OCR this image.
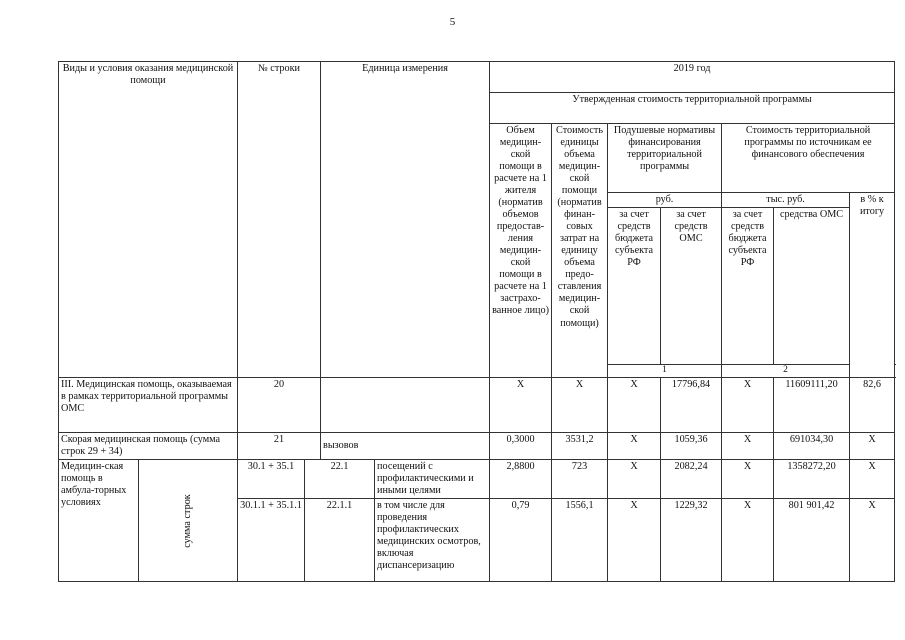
5
Виды и условия оказания медицинской помощи		№ строки		Единица измерения		2019 год							
						Утвержденная стоимость территориальной программы							
						Объем медицин-ской помощи в расчете на 1 жителя (норматив объемов предостав-ления медицин-ской помощи в расчете на 1 застрахо-ванное лицо)	Стоимость единицы объема медицин-ской помощи (норматив финан-совых затрат на единицу объема предо-ставления медицин-ской помощи)	Подушевые нормативы финансирования территориальной программы		Стоимость территориальной программы по источникам ее финансового обеспечения			
								руб.		тыс. руб.		в % к итогу	
								за счет средств бюджета субъекта РФ	за счет средств ОМС	за счет средств бюджета субъекта РФ	средства ОМС		
								1		2								
III. Медицинская помощь, оказываемая в рамках территориальной программы ОМС		20				Х	Х	Х	17796,84	Х	11609111,20	82,6	
Скорая медицинская помощь (сумма строк 29 + 34)		21		вызовов		0,3000	3531,2	Х	1059,36	Х	691034,30	Х	
Медицин-ская помощь в амбула-торных условиях	сумма строк	30.1 + 35.1	22.1		посещений с профилактическими и иными целями	2,8800	723	Х	2082,24	Х	1358272,20	Х	
		30.1.1 + 35.1.1	22.1.1		в том числе для проведения профилактических медицинских осмотров, включая диспансеризацию	0,79	1556,1	Х	1229,32	Х	801 901,42	Х	
